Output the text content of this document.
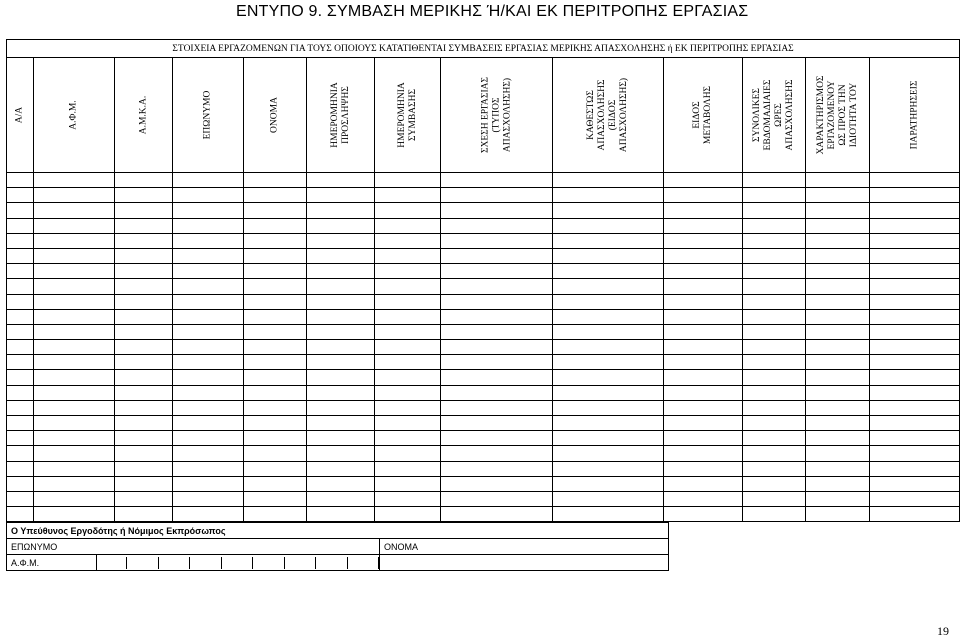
ΕΝΤΥΠΟ 9. ΣΥΜΒΑΣΗ ΜΕΡΙΚΗΣ Ή/ΚΑΙ ΕΚ ΠΕΡΙΤΡΟΠΗΣ ΕΡΓΑΣΙΑΣ
ΣΤΟΙΧΕΙΑ ΕΡΓΑΖΟΜΕΝΩΝ ΓΙΑ ΤΟΥΣ ΟΠΟΙΟΥΣ ΚΑΤΑΤΙΘΕΝΤΑΙ ΣΥΜΒΑΣΕΙΣ ΕΡΓΑΣΙΑΣ ΜΕΡΙΚΗΣ ΑΠΑΣΧΟΛΗΣΗΣ ή ΕΚ ΠΕΡΙΤΡΟΠΗΣ ΕΡΓΑΣΙΑΣ												

Α/Α	Α.Φ.Μ.	Α.Μ.Κ.Α.	ΕΠΩΝΥΜΟ	ΟΝΟΜΑ	ΗΜΕΡΟΜΗΝΙΑ
ΠΡΟΣΛΗΨΗΣ	ΗΜΕΡΟΜΗΝΙΑ
ΣΥΜΒΑΣΗΣ	ΣΧΕΣΗ ΕΡΓΑΣΙΑΣ
(ΤΥΠΟΣ
ΑΠΑΣΧΟΛΗΣΗΣ)	ΚΑΘΕΣΤΩΣ
ΑΠΑΣΧΟΛΗΣΗΣ
(ΕΙΔΟΣ
ΑΠΑΣΧΟΛΗΣΗΣ)	ΕΙΔΟΣ
ΜΕΤΑΒΟΛΗΣ	ΣΥΝΟΛΙΚΕΣ
ΕΒΔΟΜΑΔΙΑΙΕΣ
ΩΡΕΣ
ΑΠΑΣΧΟΛΗΣΗΣ	ΧΑΡΑΚΤΗΡΙΣΜΟΣ
ΕΡΓΑΖΟΜΕΝΟΥ
ΩΣ ΠΡΟΣ ΤΗΝ
ΙΔΙΟΤΗΤΑ ΤΟΥ	ΠΑΡΑΤΗΡΗΣΕΙΣ

Ο Υπεύθυνος Εργοδότης ή Νόμιμος Εκπρόσωπος		
ΕΠΩΝΥΜΟ		ΟΝΟΜΑ
Α.Φ.Μ.	

19
